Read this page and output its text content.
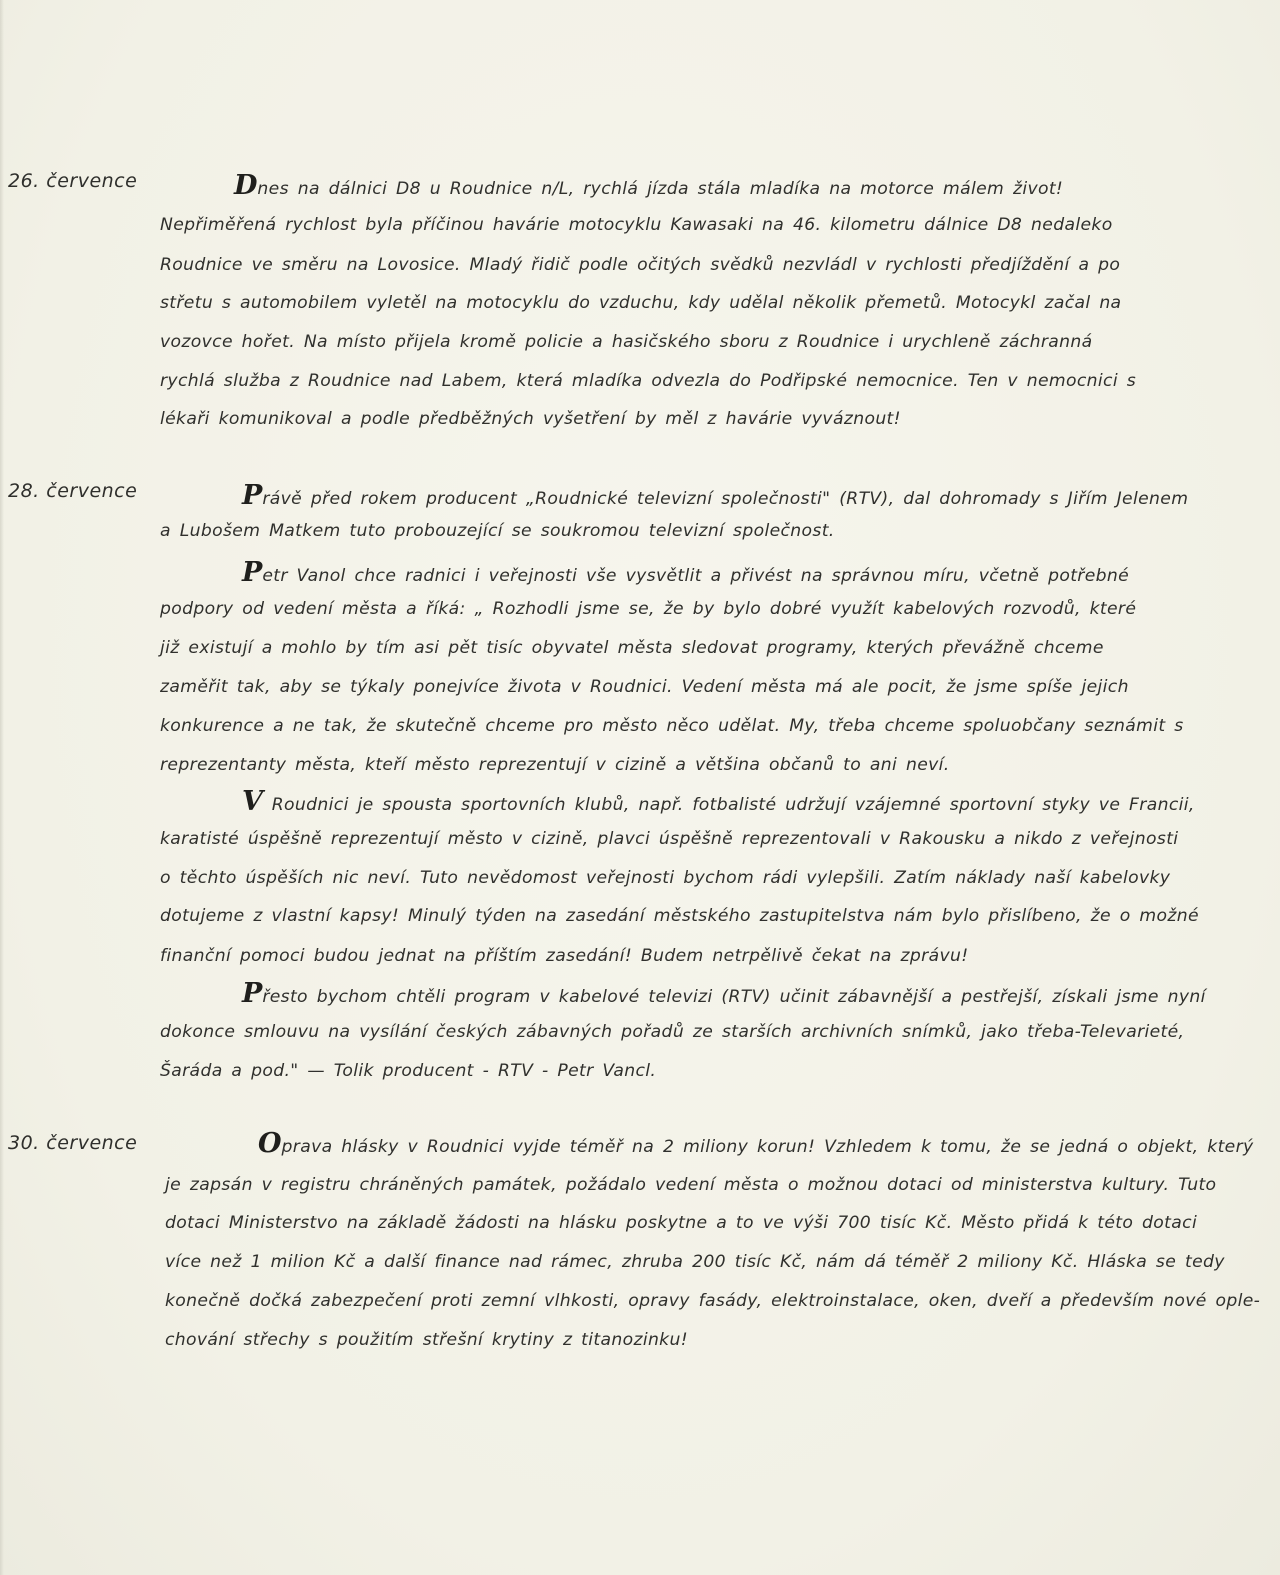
26. července	Dnes na dálnici D8 u Roudnice n/L, rychlá jízda stála mladíka na motorce málem život!
Nepřiměřená rychlost byla příčinou havárie motocyklu Kawasaki na 46. kilometru dálnice D8 nedaleko
Roudnice ve směru na Lovosice. Mladý řidič podle očitých svědků nezvládl v rychlosti předjíždění a po
střetu s automobilem vyletěl na motocyklu do vzduchu, kdy udělal několik přemetů. Motocykl začal na
vozovce hořet. Na místo přijela kromě policie a hasičského sboru z Roudnice i urychleně záchranná
rychlá služba z Roudnice nad Labem, která mladíka odvezla do Podřipské nemocnice. Ten v nemocnici s
lékaři komunikoval a podle předběžných vyšetření by měl z havárie vyváznout!
28. července	Právě před rokem producent „Roudnické televizní společnosti" (RTV), dal dohromady s Jiřím Jelenem
a Lubošem Matkem tuto probouzející se soukromou televizní společnost.
Petr Vanol chce radnici i veřejnosti vše vysvětlit a přivést na správnou míru, včetně potřebné
podpory od vedení města a říká: „ Rozhodli jsme se, že by bylo dobré využít kabelových rozvodů, které
již existují a mohlo by tím asi pět tisíc obyvatel města sledovat programy, kterých převážně chceme
zaměřit tak, aby se týkaly ponejvíce života v Roudnici. Vedení města má ale pocit, že jsme spíše jejich
konkurence a ne tak, že skutečně chceme pro město něco udělat. My, třeba chceme spoluobčany seznámit s
reprezentanty města, kteří město reprezentují v cizině a většina občanů to ani neví.
V Roudnici je spousta sportovních klubů, např. fotbalisté udržují vzájemné sportovní styky ve Francii,
karatisté úspěšně reprezentují město v cizině, plavci úspěšně reprezentovali v Rakousku a nikdo z veřejnosti
o těchto úspěších nic neví. Tuto nevědomost veřejnosti bychom rádi vylepšili. Zatím náklady naší kabelovky
dotujeme z vlastní kapsy! Minulý týden na zasedání městského zastupitelstva nám bylo přislíbeno, že o možné
finanční pomoci budou jednat na příštím zasedání! Budem netrpělivě čekat na zprávu!
Přesto bychom chtěli program v kabelové televizi (RTV) učinit zábavnější a pestřejší, získali jsme nyní
dokonce smlouvu na vysílání českých zábavných pořadů ze starších archivních snímků, jako třeba-Televarieté,
Šaráda a pod." — Tolik producent - RTV - Petr Vancl.
30. července	Oprava hlásky v Roudnici vyjde téměř na 2 miliony korun! Vzhledem k tomu, že se jedná o objekt, který
je zapsán v registru chráněných památek, požádalo vedení města o možnou dotaci od ministerstva kultury. Tuto
dotaci Ministerstvo na základě žádosti na hlásku poskytne a to ve výši 700 tisíc Kč. Město přidá k této dotaci
více než 1 milion Kč a další finance nad rámec, zhruba 200 tisíc Kč, nám dá téměř 2 miliony Kč. Hláska se tedy
konečně dočká zabezpečení proti zemní vlhkosti, opravy fasády, elektroinstalace, oken, dveří a především nové ople-
chování střechy s použitím střešní krytiny z titanozinku!
